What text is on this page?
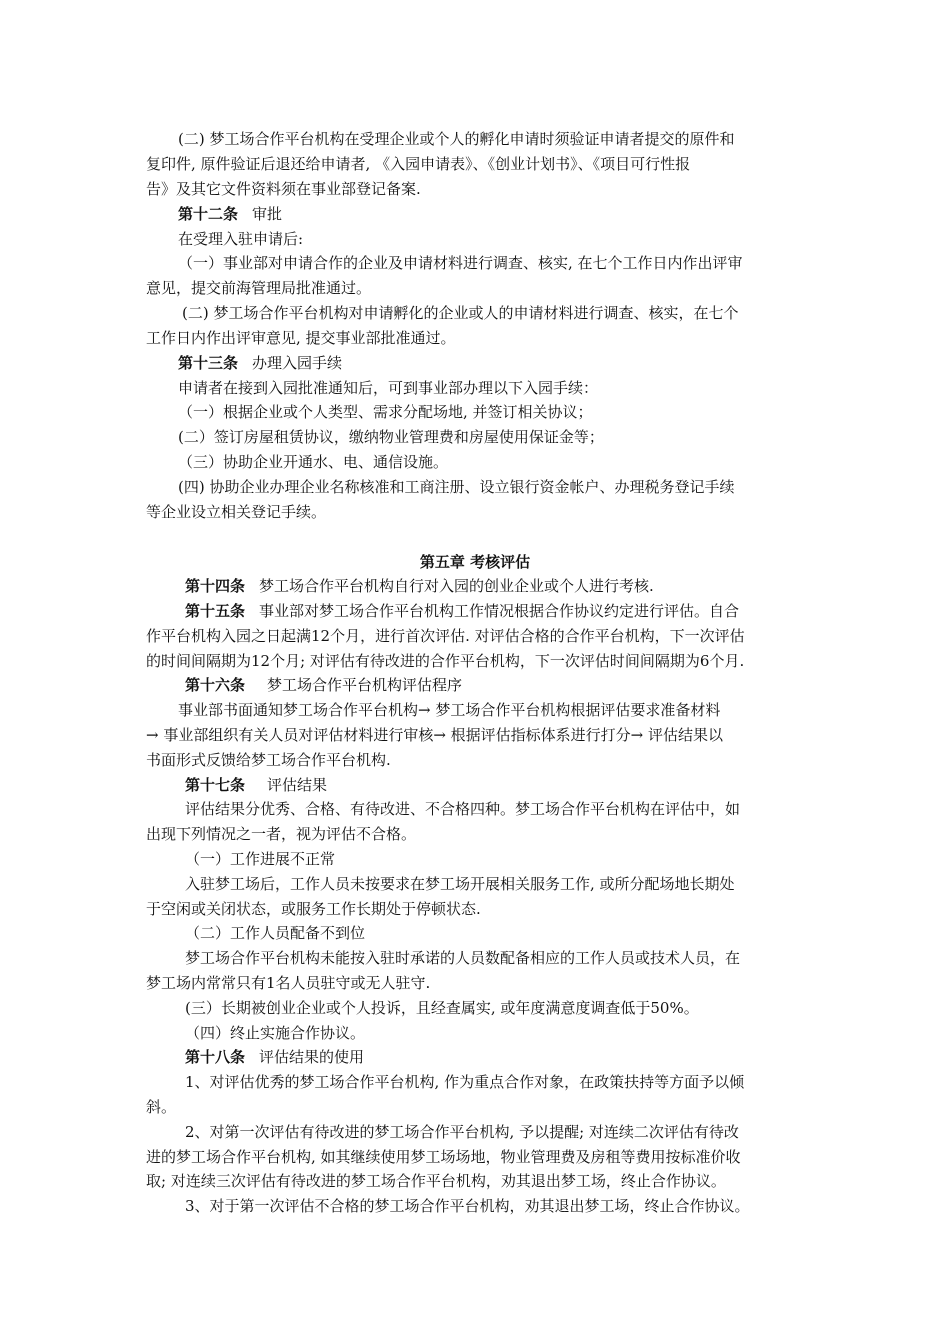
(二) 梦工场合作平台机构在受理企业或个人的孵化申请时须验证申请者提交的原件和
复印件, 原件验证后退还给申请者, 《入园申请表》、《创业计划书》、《项目可行性报
告》及其它文件资料须在事业部登记备案.
第十二条 审批
在受理入驻申请后:
（一）事业部对申请合作的企业及申请材料进行调查、核实, 在七个工作日内作出评审
意见，提交前海管理局批准通过。
(二) 梦工场合作平台机构对申请孵化的企业或人的申请材料进行调查、核实，在七个
工作日内作出评审意见, 提交事业部批准通过。
第十三条 办理入园手续
申请者在接到入园批准通知后，可到事业部办理以下入园手续：
（一）根据企业或个人类型、需求分配场地, 并签订相关协议；
(二）签订房屋租赁协议，缴纳物业管理费和房屋使用保证金等；
（三）协助企业开通水、电、通信设施。
(四) 协助企业办理企业名称核准和工商注册、设立银行资金帐户、办理税务登记手续
等企业设立相关登记手续。
第五章 考核评估
第十四条 梦工场合作平台机构自行对入园的创业企业或个人进行考核.
第十五条 事业部对梦工场合作平台机构工作情况根据合作协议约定进行评估。自合
作平台机构入园之日起满12个月，进行首次评估. 对评估合格的合作平台机构，下一次评估
的时间间隔期为12个月; 对评估有待改进的合作平台机构，下一次评估时间间隔期为6个月.
第十六条 梦工场合作平台机构评估程序
事业部书面通知梦工场合作平台机构→ 梦工场合作平台机构根据评估要求准备材料
→ 事业部组织有关人员对评估材料进行审核→ 根据评估指标体系进行打分→ 评估结果以
书面形式反馈给梦工场合作平台机构.
第十七条 评估结果
评估结果分优秀、合格、有待改进、不合格四种。梦工场合作平台机构在评估中，如
出现下列情况之一者，视为评估不合格。
（一）工作进展不正常
入驻梦工场后，工作人员未按要求在梦工场开展相关服务工作, 或所分配场地长期处
于空闲或关闭状态，或服务工作长期处于停顿状态.
（二）工作人员配备不到位
梦工场合作平台机构未能按入驻时承诺的人员数配备相应的工作人员或技术人员，在
梦工场内常常只有1名人员驻守或无人驻守.
(三）长期被创业企业或个人投诉，且经查属实, 或年度满意度调查低于50%。
（四）终止实施合作协议。
第十八条 评估结果的使用
1、对评估优秀的梦工场合作平台机构, 作为重点合作对象，在政策扶持等方面予以倾
斜。
2、对第一次评估有待改进的梦工场合作平台机构, 予以提醒; 对连续二次评估有待改
进的梦工场合作平台机构, 如其继续使用梦工场场地，物业管理费及房租等费用按标准价收
取; 对连续三次评估有待改进的梦工场合作平台机构，劝其退出梦工场，终止合作协议。
3、对于第一次评估不合格的梦工场合作平台机构，劝其退出梦工场，终止合作协议。
